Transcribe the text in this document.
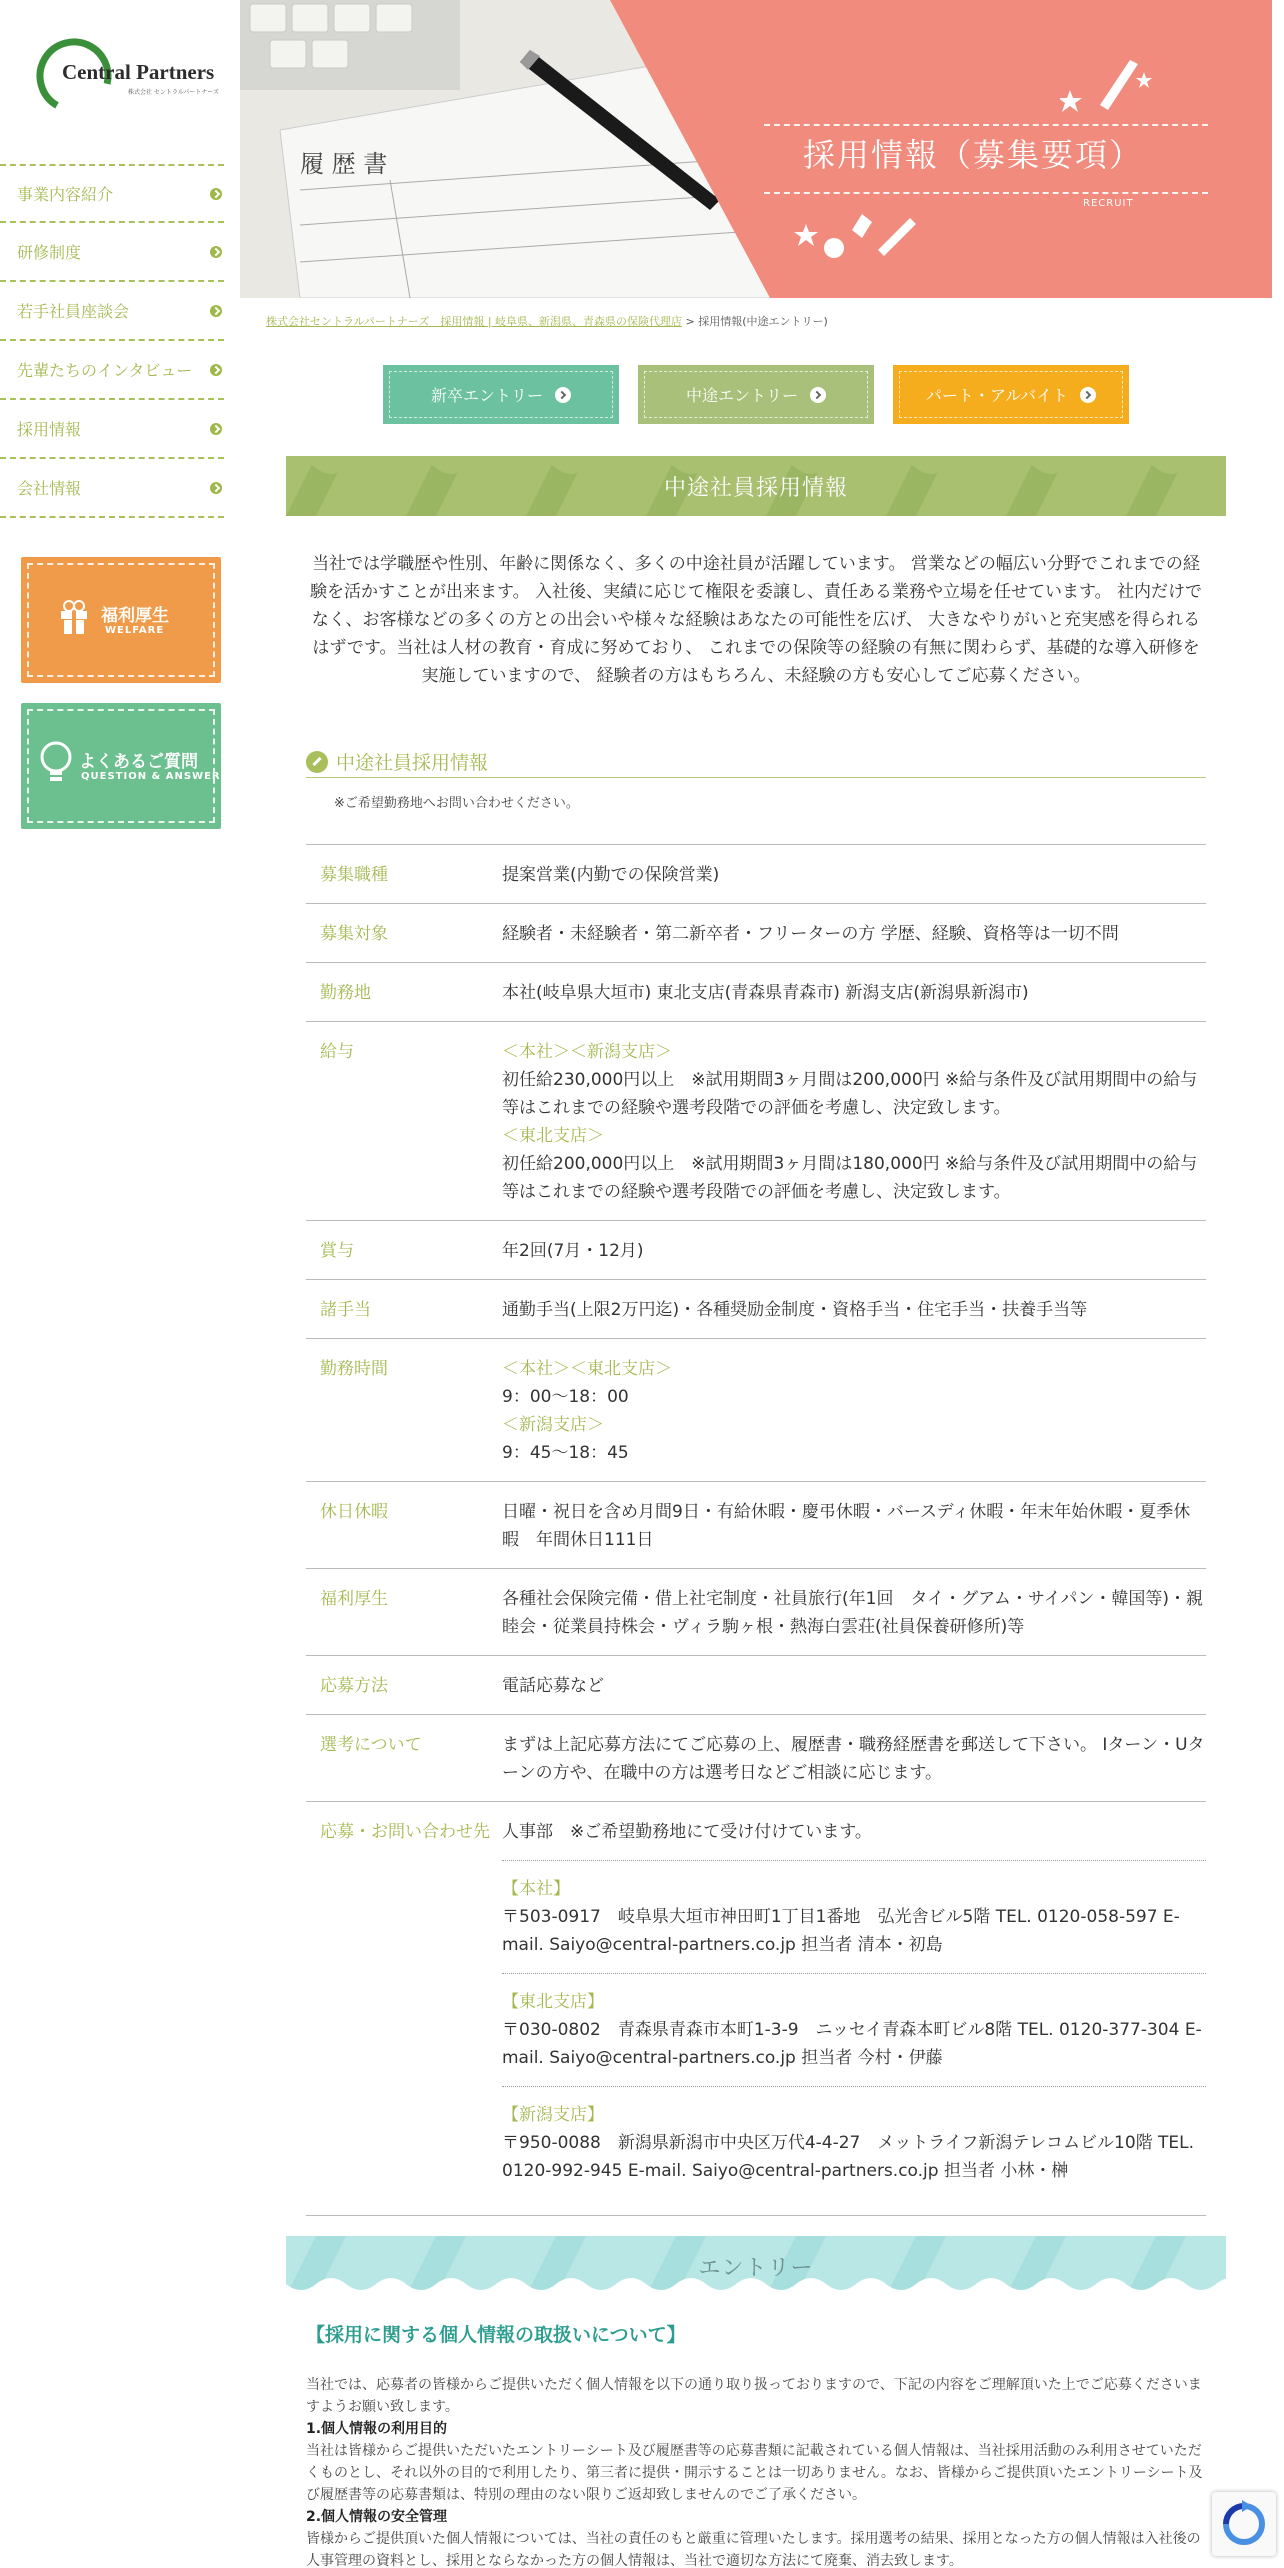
Central Partners
株式会社 セントラルパートナーズ
事業内容紹介
研修制度
若手社員座談会
先輩たちのインタビュー
採用情報
会社情報
福利厚生
WELFARE
よくあるご質問
QUESTION & ANSWER
履 歴 書	採用情報（募集要項）
RECRUIT
株式会社セントラルパートナーズ　採用情報 | 岐阜県、新潟県、青森県の保険代理店 > 採用情報(中途エントリー)
新卒エントリー	中途エントリー	パート・アルバイト
中途社員採用情報

当社では学職歴や性別、年齢に関係なく、多くの中途社員が活躍しています。 営業などの幅広い分野でこれまでの経験を活かすことが出来ます。 入社後、実績に応じて権限を委譲し、責任ある業務や立場を任せています。 社内だけでなく、お客様などの多くの方との出会いや様々な経験はあなたの可能性を広げ、 大きなやりがいと充実感を得られるはずです。当社は人材の教育・育成に努めており、 これまでの保険等の経験の有無に関わらず、基礎的な導入研修を実施していますので、 経験者の方はもちろん、未経験の方も安心してご応募ください。

中途社員採用情報

※ご希望勤務地へお問い合わせください。

募集職種	提案営業(内勤での保険営業)
募集対象	経験者・未経験者・第二新卒者・フリーターの方 学歴、経験、資格等は一切不問
勤務地	本社(岐阜県大垣市) 東北支店(青森県青森市) 新潟支店(新潟県新潟市)
給与	＜本社＞＜新潟支店＞
初任給230,000円以上　※試用期間3ヶ月間は200,000円 ※給与条件及び試用期間中の給与等はこれまでの経験や選考段階での評価を考慮し、決定致します。
＜東北支店＞
初任給200,000円以上　※試用期間3ヶ月間は180,000円 ※給与条件及び試用期間中の給与等はこれまでの経験や選考段階での評価を考慮し、決定致します。
賞与	年2回(7月・12月)
諸手当	通勤手当(上限2万円迄)・各種奨励金制度・資格手当・住宅手当・扶養手当等
勤務時間	＜本社＞＜東北支店＞
9：00～18：00
＜新潟支店＞
9：45～18：45
休日休暇	日曜・祝日を含め月間9日・有給休暇・慶弔休暇・バースディ休暇・年末年始休暇・夏季休暇　年間休日111日
福利厚生	各種社会保険完備・借上社宅制度・社員旅行(年1回　タイ・グアム・サイパン・韓国等)・親睦会・従業員持株会・ヴィラ駒ヶ根・熱海白雲荘(社員保養研修所)等
応募方法	電話応募など
選考について	まずは上記応募方法にてご応募の上、履歴書・職務経歴書を郵送して下さい。 Iターン・Uターンの方や、在職中の方は選考日などご相談に応じます。
応募・お問い合わせ先 人事部　※ご希望勤務地にて受け付けています。
【本社】
〒503-0917　岐阜県大垣市神田町1丁目1番地　弘光舎ビル5階 TEL. 0120-058-597 E-mail. Saiyo@central-partners.co.jp 担当者 清本・初島
【東北支店】
〒030-0802　青森県青森市本町1-3-9　ニッセイ青森本町ビル8階 TEL. 0120-377-304 E-mail. Saiyo@central-partners.co.jp 担当者 今村・伊藤
【新潟支店】
〒950-0088　新潟県新潟市中央区万代4-4-27　メットライフ新潟テレコムビル10階 TEL. 0120-992-945 E-mail. Saiyo@central-partners.co.jp 担当者 小林・榊
エントリー
【採用に関する個人情報の取扱いについて】

当社では、応募者の皆様からご提供いただく個人情報を以下の通り取り扱っておりますので、下記の内容をご理解頂いた上でご応募くださいますようお願い致します。

1.個人情報の利用目的

当社は皆様からご提供いただいたエントリーシート及び履歴書等の応募書類に記載されている個人情報は、当社採用活動のみ利用させていただくものとし、それ以外の目的で利用したり、第三者に提供・開示することは一切ありません。なお、皆様からご提供頂いたエントリーシート及び履歴書等の応募書類は、特別の理由のない限りご返却致しませんのでご了承ください。

2.個人情報の安全管理

皆様からご提供頂いた個人情報については、当社の責任のもと厳重に管理いたします。採用選考の結果、採用となった方の個人情報は入社後の人事管理の資料とし、採用とならなかった方の個人情報は、当社で適切な方法にて廃棄、消去致します。
